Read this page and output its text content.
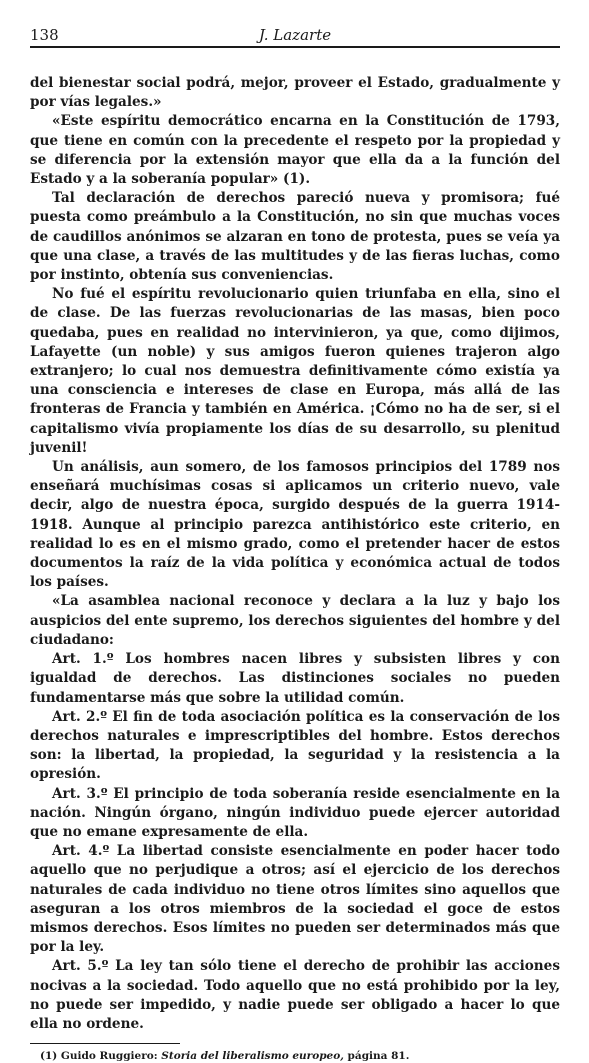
138	J. Lazarte

del bienestar social podrá, mejor, proveer el Estado, gradualmente y por vías legales.»

«Este espíritu democrático encarna en la Constitución de 1793, que tiene en común con la precedente el respeto por la propiedad y se diferencia por la extensión mayor que ella da a la función del Estado y a la soberanía popular» (1).

Tal declaración de derechos pareció nueva y promisora; fué puesta como preámbulo a la Constitución, no sin que muchas voces de caudillos anónimos se alzaran en tono de protesta, pues se veía ya que una clase, a través de las multitudes y de las fieras luchas, como por instinto, obtenía sus conveniencias.

No fué el espíritu revolucionario quien triunfaba en ella, sino el de clase. De las fuerzas revolucionarias de las masas, bien poco quedaba, pues en realidad no intervinieron, ya que, como dijimos, Lafayette (un noble) y sus amigos fueron quienes trajeron algo extranjero; lo cual nos demuestra definitivamente cómo existía ya una consciencia e intereses de clase en Europa, más allá de las fronteras de Francia y también en América. ¡Cómo no ha de ser, si el capitalismo vivía propiamente los días de su desarrollo, su plenitud juvenil!

Un análisis, aun somero, de los famosos principios del 1789 nos enseñará muchísimas cosas si aplicamos un criterio nuevo, vale decir, algo de nuestra época, surgido después de la guerra 1914-1918. Aunque al principio parezca antihistórico este criterio, en realidad lo es en el mismo grado, como el pretender hacer de estos documentos la raíz de la vida política y económica actual de todos los países.

«La asamblea nacional reconoce y declara a la luz y bajo los auspicios del ente supremo, los derechos siguientes del hombre y del ciudadano:

Art. 1.º Los hombres nacen libres y subsisten libres y con igualdad de derechos. Las distinciones sociales no pueden fundamentarse más que sobre la utilidad común.

Art. 2.º El fin de toda asociación política es la conservación de los derechos naturales e imprescriptibles del hombre. Estos derechos son: la libertad, la propiedad, la seguridad y la resistencia a la opresión.

Art. 3.º El principio de toda soberanía reside esencialmente en la nación. Ningún órgano, ningún individuo puede ejercer autoridad que no emane expresamente de ella.

Art. 4.º La libertad consiste esencialmente en poder hacer todo aquello que no perjudique a otros; así el ejercicio de los derechos naturales de cada individuo no tiene otros límites sino aquellos que aseguran a los otros miembros de la sociedad el goce de estos mismos derechos. Esos límites no pueden ser determinados más que por la ley.

Art. 5.º La ley tan sólo tiene el derecho de prohibir las acciones nocivas a la sociedad. Todo aquello que no está prohibido por la ley, no puede ser impedido, y nadie puede ser obligado a hacer lo que ella no ordene.

(1) Guido Ruggiero: Storia del liberalismo europeo, página 81.
